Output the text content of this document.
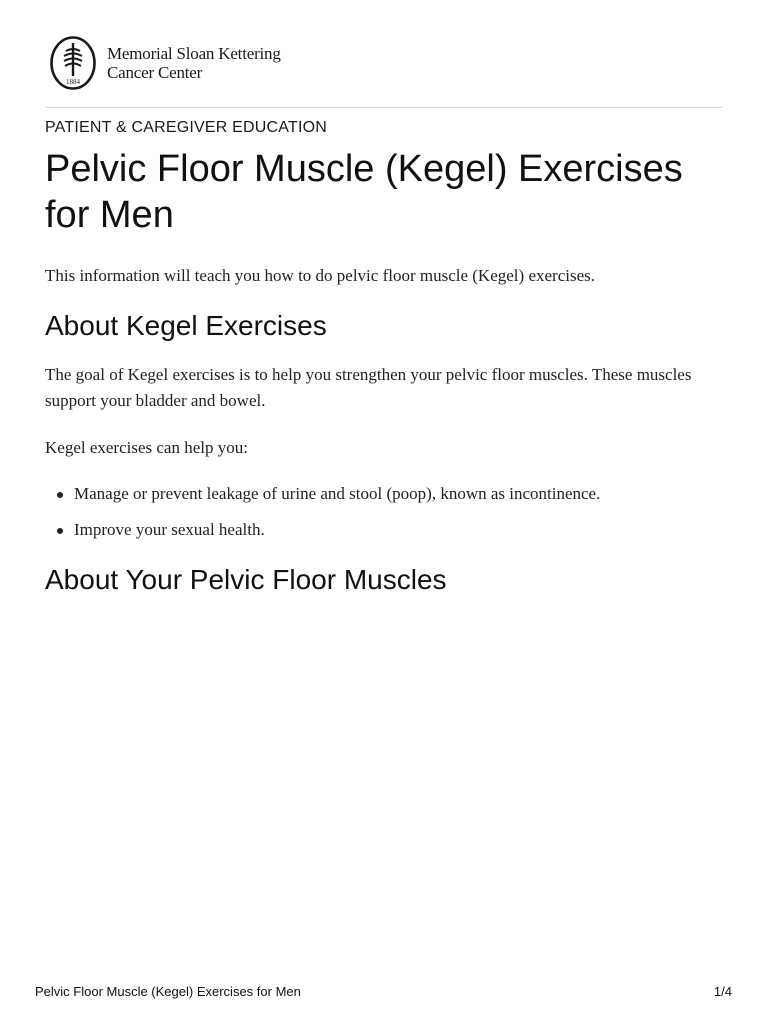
1884
Memorial Sloan Kettering
Cancer Center
PATIENT & CAREGIVER EDUCATION
Pelvic Floor Muscle (Kegel) Exercises for Men

This information will teach you how to do pelvic floor muscle (Kegel) exercises.

About Kegel Exercises

The goal of Kegel exercises is to help you strengthen your pelvic floor muscles. These muscles support your bladder and bowel.

Kegel exercises can help you:

Manage or prevent leakage of urine and stool (poop), known as incontinence.
Improve your sexual health.
About Your Pelvic Floor Muscles
Pelvic Floor Muscle (Kegel) Exercises for Men	1/4
